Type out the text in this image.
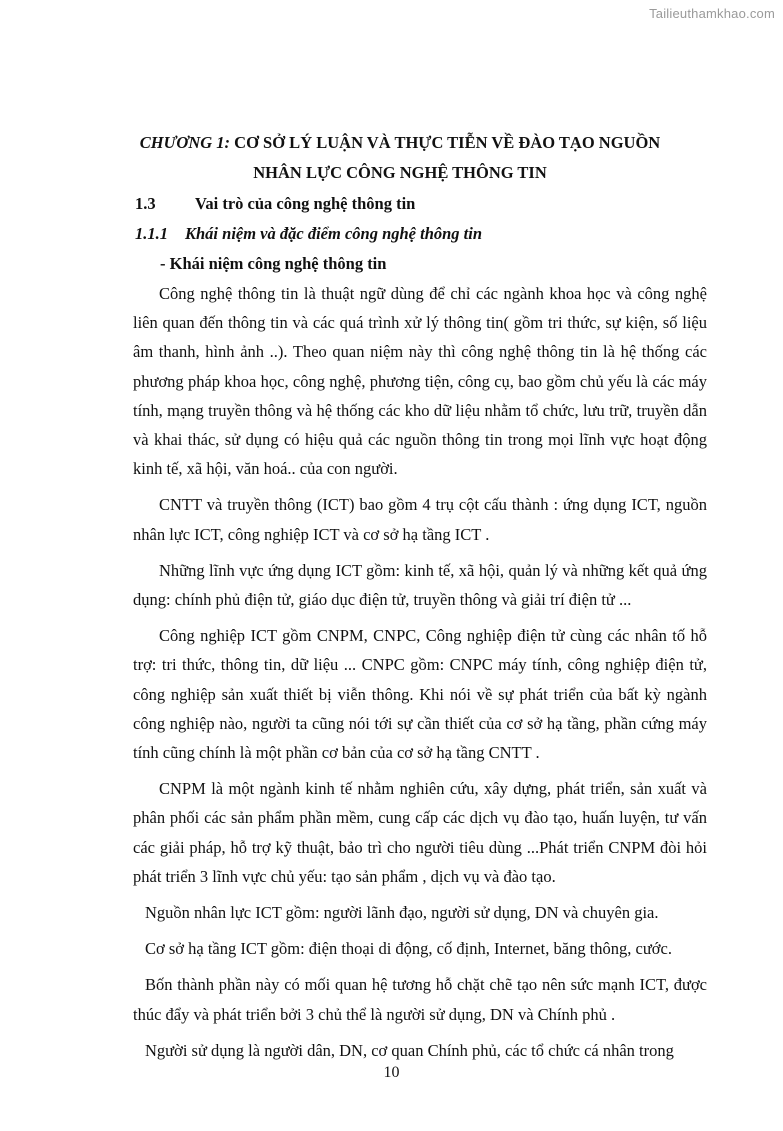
Tailieuthamkhao.com
CHƯƠNG 1: CƠ SỞ LÝ LUẬN VÀ THỰC TIỄN VỀ ĐÀO TẠO NGUỒN
NHÂN LỰC CÔNG NGHỆ THÔNG TIN
1.3 Vai trò của công nghệ thông tin
1.1.1 Khái niệm và đặc điểm công nghệ thông tin
- Khái niệm công nghệ thông tin

Công nghệ thông tin là thuật ngữ dùng để chỉ các ngành khoa học và công nghệ liên quan đến thông tin và các quá trình xử lý thông tin( gồm tri thức, sự kiện, số liệu âm thanh, hình ảnh ..). Theo quan niệm này thì công nghệ thông tin là hệ thống các phương pháp khoa học, công nghệ, phương tiện, công cụ, bao gồm chủ yếu là các máy tính, mạng truyền thông và hệ thống các kho dữ liệu nhằm tổ chức, lưu trữ, truyền dẫn và khai thác, sử dụng có hiệu quả các nguồn thông tin trong mọi lĩnh vực hoạt động kinh tế, xã hội, văn hoá.. của con người.

CNTT và truyền thông (ICT) bao gồm 4 trụ cột cấu thành : ứng dụng ICT, nguồn nhân lực ICT, công nghiệp ICT và cơ sở hạ tầng ICT .

Những lĩnh vực ứng dụng ICT gồm: kinh tế, xã hội, quản lý và những kết quả ứng dụng: chính phủ điện tử, giáo dục điện tử, truyền thông và giải trí điện tử ...

Công nghiệp ICT gồm CNPM, CNPC, Công nghiệp điện tử cùng các nhân tố hỗ trợ: tri thức, thông tin, dữ liệu ... CNPC gồm: CNPC máy tính, công nghiệp điện tử, công nghiệp sản xuất thiết bị viễn thông. Khi nói về sự phát triển của bất kỳ ngành công nghiệp nào, người ta cũng nói tới sự cần thiết của cơ sở hạ tầng, phần cứng máy tính cũng chính là một phần cơ bản của cơ sở hạ tầng CNTT .

CNPM là một ngành kinh tế nhằm nghiên cứu, xây dựng, phát triển, sản xuất và phân phối các sản phẩm phần mềm, cung cấp các dịch vụ đào tạo, huấn luyện, tư vấn các giải pháp, hỗ trợ kỹ thuật, bảo trì cho người tiêu dùng ...Phát triển CNPM đòi hỏi phát triển 3 lĩnh vực chủ yếu: tạo sản phẩm , dịch vụ và đào tạo.

Nguồn nhân lực ICT gồm: người lãnh đạo, người sử dụng, DN và chuyên gia.

Cơ sở hạ tầng ICT gồm: điện thoại di động, cố định, Internet, băng thông, cước.

Bốn thành phần này có mối quan hệ tương hỗ chặt chẽ tạo nên sức mạnh ICT, được thúc đẩy và phát triển bởi 3 chủ thể là người sử dụng, DN và Chính phủ .

Người sử dụng là người dân, DN, cơ quan Chính phủ, các tổ chức cá nhân trong

10
